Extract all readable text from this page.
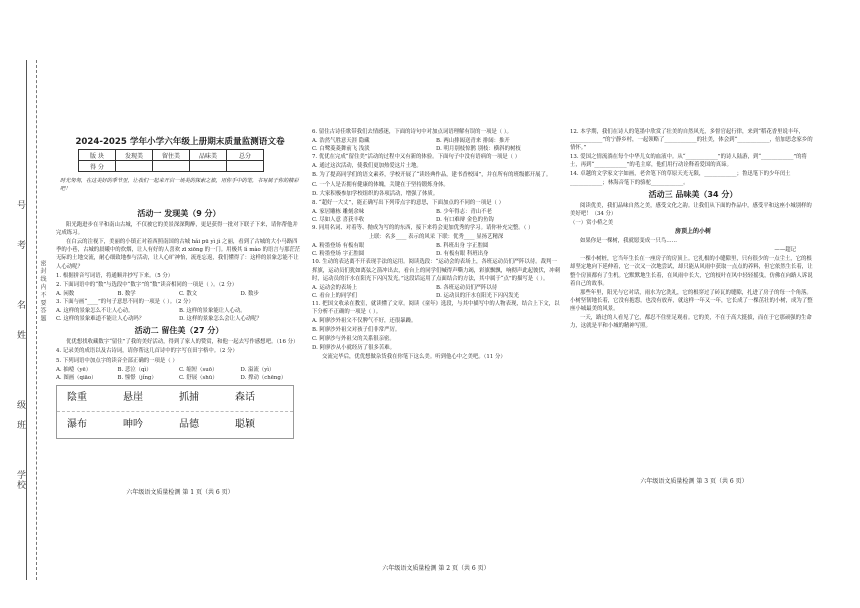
号
考
名
姓
级
班
学校
密 封 线 内 不 要 答 题
2024-2025 学年小学六年级上册期末质量监测语文卷
版 块	发现美	留住美	品味美	总分
得 分				
时光匆匆，在这美好的季节里，让我们一起来开启一场美的探索之旅，用你手中的笔，书写属于你的精彩吧！

活动一 发现美（9 分）

阳光跑进步在平和南山古城，不仅被它的美景深深陶醉，更是获得一批对下联子下来，请你帮他并完成练习。

在白云的注视下，美丽的小镇正对着西照南国的古城 hǎi pū yì jì 之丽，看到了古城的大小马路四季的小巷，古城的晨曦中的炊烟，让人有好的人喜欢 zī xiōng 的一门。用极其 lì mào 的语言与那茫茫无际的土地交流，耐心细致地参与活动，让人心旷神怡，流连忘返，我们懂得了：这样的景象怎能不让人心动呢？

1. 根据拼音写词语，将通顺并抄写下来。（5 分）

2. 下面词语中的“数”与选段中“数字”的“数”读音相同的一项是（ ）。（2 分）

A. 闲数	B. 数学	C. 散文	D. 数步

3. 下面与画“____”的句子意思不同的一项是（ ）。（2 分）

A. 这样的景象怎么不让人心动。	B. 这样的景象能让人心动。
C. 这样的景象难道不能让人心动吗？	D. 这样的景象怎么会让人心动呢？

活动二 留住美（27 分）

优优想找收藏数字“留住”了我的美好活动，得到了家人的赞赏，和他一起去写作感想吧。（16 分）

4. 记录美的成语以及古诗词，请你帮这几首诗中的字写在田字格中。（2 分）

5. 下列词语中加点字的读音全部正确的一项是（ ）

A. 抽噎（yē）	B. 悲泣（qì）	C. 缩短（suō）	D. 溢流（yì）
A. 图画（qiāo）	B. 憧憬（jǐng）	C. 舒展（shū）	D. 撑动（chēng）
陰重	悬崖	抓捕	森话
瀑布	呻吟	品德	聪颖
六年级语文质量检测 第 1 页（共 6 页）

6. 留住古诗佳歌带我们去情感迷，下面的诗句中对加点词语理解有误的一项是（ ）。

A. 浩然气胜意天涯 隐藏	B. 两山排闼送青来 排闼：推开
C. 白鹭菱菱舞前飞 浅淡	D. 明月别枝惊鹊 别枝：横斜的树枝

7. 优优在完成“留住美”活动的过程中又有新的体验。下面句子中没有语病的一项是（ ）

A. 通过这次活动，使我们更加热爱这片土地。

B. 为了提高同学们的语文素养，学校开展了“读经典作品，建书香校园”，并在所有的班级都开展了。

C. 一个人是否拥有健康的体魄，关键在于坚持锻炼身体。

D. 大家积极参加学校组织的各项活动，增强了体质。

8. “超好一大丈”，能正确写出下列带点字的意思，下面加点的不同的一项是（ ）

A. 家居雕栋 雕刻余味	B. 少年得志：青山不老
C. 尽如人意 喜获丰收	D. 有口难辩 金色的鱼钩

9. 同用名词、对着等、抛成为写的的东西，接下来将会更加优秀的学习。请你补充完整。（ ）

上联：名多____ 表示的风采 下联：优秀____ 显扬艺精深

A. 粉墨登场 有板有眼	B. 科班出身 字正腔圆
C. 粉墨登场 字正腔圆	D. 有板有眼 科班出身

10. 生动的表达离不开表现手法的运用。阅读选段：“运动会的表场上，各班运动员们严阵以待。裁判一挥旗，运动员们犹如离弦之箭冲出去，看台上的同学们喊得声嘶力竭，彩旗飘飘，响彻声此起彼伏，冲刺时，运动员的汗水在阳光下闪闪发光。”这段话运用了点面结合的方法，其中属于“点”的描写是（ ）。

A. 运动会的表场上	B. 各班运动员们严阵以待
C. 看台上的同学们	D. 运动员的汗水在阳光下闪闪发光

11. 把国文收录在教室，就读懂了文章。阅读《童年》选段，与其中描写中的人物表现，结合上下文，以下分析不正确的一项是（ ）。

A. 阿廖沙外祖父不仅脾气不好，还很暴躁。

B. 阿廖沙外祖父对孩子们非常严厉。

C. 阿廖沙与外祖父的关系很亲密。

D. 阿廖沙从小就经历了很多苦难。

交流完毕后，优优想做杂货我在你笔下这么美。听到他心中之美吧。（11 分）

六年级语文质量检测 第 2 页（共 6 页）

12. 本学期，我们在诗人的笔墨中欣赏了壮美的自然风光，多督官起行律，来到“稻花香里说丰年，____________”的宁静乡村，一起领略了____________的壮美，体会到“____________，倍加思念家乡的情怀。”

13. 爱国之情流淌在每个中华儿女的血液中。从“____________”的诗人陆游，到“____________”的将士，再到“____________”的毛主席，他们用行动诠释着爱国的真谛。

14. 卓越的文学家文字如画，老舍笔下的草原天光无限，____________；鲁迅笔下的少年闰土____________；林海音笔下的骆驼____________。

活动三 品味美（34 分）

阅读优美，我们品味自然之美，感受文化之韵。让我们从下面的作品中，感受平和这座小城别样的美好吧！（34 分）

（一）赏小桥之美

房顶上的小树

如果你是一棵树，我就愿变成一只鸟……

——超记

一棵小树桩，它当年生长在一座房子的房顶上。它扎根的小缝隙里，只有很少的一点尘土，它的根却坚定地向下延伸着，它一次又一次地尝试，却只能从风雨中获取一点点的养料，但它依然生长着，让整个房顶都有了生机。它默默地生长着，在风雨中长大，它的枝叶在风中轻轻摇曳，仿佛在向路人诉说着自己的故事。

那些年里，阳光与它对话，雨水为它洗礼，它的根穿过了砖瓦的缝隙，扎进了房子的每一个角落。小树坚韧地长着，它没有抱怨，也没有放弃，就这样一年又一年，它长成了一棵茁壮的小树，成为了整座小城最美的风景。

一天，路过的人看见了它，都忍不住驻足观看。它的美，不在于高大挺拔，而在于它那顽强的生命力，这就是平和小城的精神写照。

六年级语文质量检测 第 3 页（共 6 页）
